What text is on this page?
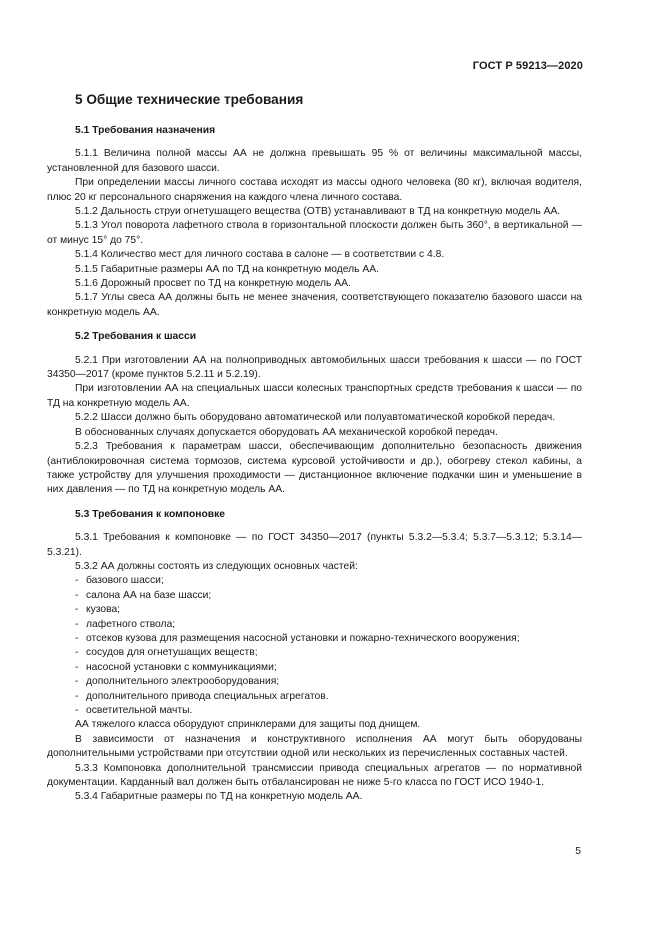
ГОСТ Р 59213—2020
5 Общие технические требования
5.1 Требования назначения

5.1.1 Величина полной массы АА не должна превышать 95 % от величины максимальной массы, установленной для базового шасси.

При определении массы личного состава исходят из массы одного человека (80 кг), включая водителя, плюс 20 кг персонального снаряжения на каждого члена личного состава.

5.1.2 Дальность струи огнетушащего вещества (ОТВ) устанавливают в ТД на конкретную модель АА.

5.1.3 Угол поворота лафетного ствола в горизонтальной плоскости должен быть 360°, в вертикальной — от минус 15° до 75°.

5.1.4 Количество мест для личного состава в салоне — в соответствии с 4.8.

5.1.5 Габаритные размеры АА по ТД на конкретную модель АА.

5.1.6 Дорожный просвет по ТД на конкретную модель АА.

5.1.7 Углы свеса АА должны быть не менее значения, соответствующего показателю базового шасси на конкретную модель АА.

5.2 Требования к шасси

5.2.1 При изготовлении АА на полноприводных автомобильных шасси требования к шасси — по ГОСТ 34350—2017 (кроме пунктов 5.2.11 и 5.2.19).

При изготовлении АА на специальных шасси колесных транспортных средств требования к шасси — по ТД на конкретную модель АА.

5.2.2 Шасси должно быть оборудовано автоматической или полуавтоматической коробкой передач.

В обоснованных случаях допускается оборудовать АА механической коробкой передач.

5.2.3 Требования к параметрам шасси, обеспечивающим дополнительно безопасность движения (антиблокировочная система тормозов, система курсовой устойчивости и др.), обогреву стекол кабины, а также устройству для улучшения проходимости — дистанционное включение подкачки шин и уменьшение в них давления — по ТД на конкретную модель АА.

5.3 Требования к компоновке

5.3.1 Требования к компоновке — по ГОСТ 34350—2017 (пункты 5.3.2—5.3.4; 5.3.7—5.3.12; 5.3.14—5.3.21).

5.3.2 АА должны состоять из следующих основных частей:

- базового шасси;

- салона АА на базе шасси;

- кузова;

- лафетного ствола;

- отсеков кузова для размещения насосной установки и пожарно-технического вооружения;

- сосудов для огнетушащих веществ;

- насосной установки с коммуникациями;

- дополнительного электрооборудования;

- дополнительного привода специальных агрегатов.

- осветительной мачты.

АА тяжелого класса оборудуют спринклерами для защиты под днищем.

В зависимости от назначения и конструктивного исполнения АА могут быть оборудованы дополнительными устройствами при отсутствии одной или нескольких из перечисленных составных частей.

5.3.3 Компоновка дополнительной трансмиссии привода специальных агрегатов — по нормативной документации. Карданный вал должен быть отбалансирован не ниже 5-го класса по ГОСТ ИСО 1940-1.

5.3.4 Габаритные размеры по ТД на конкретную модель АА.

5
